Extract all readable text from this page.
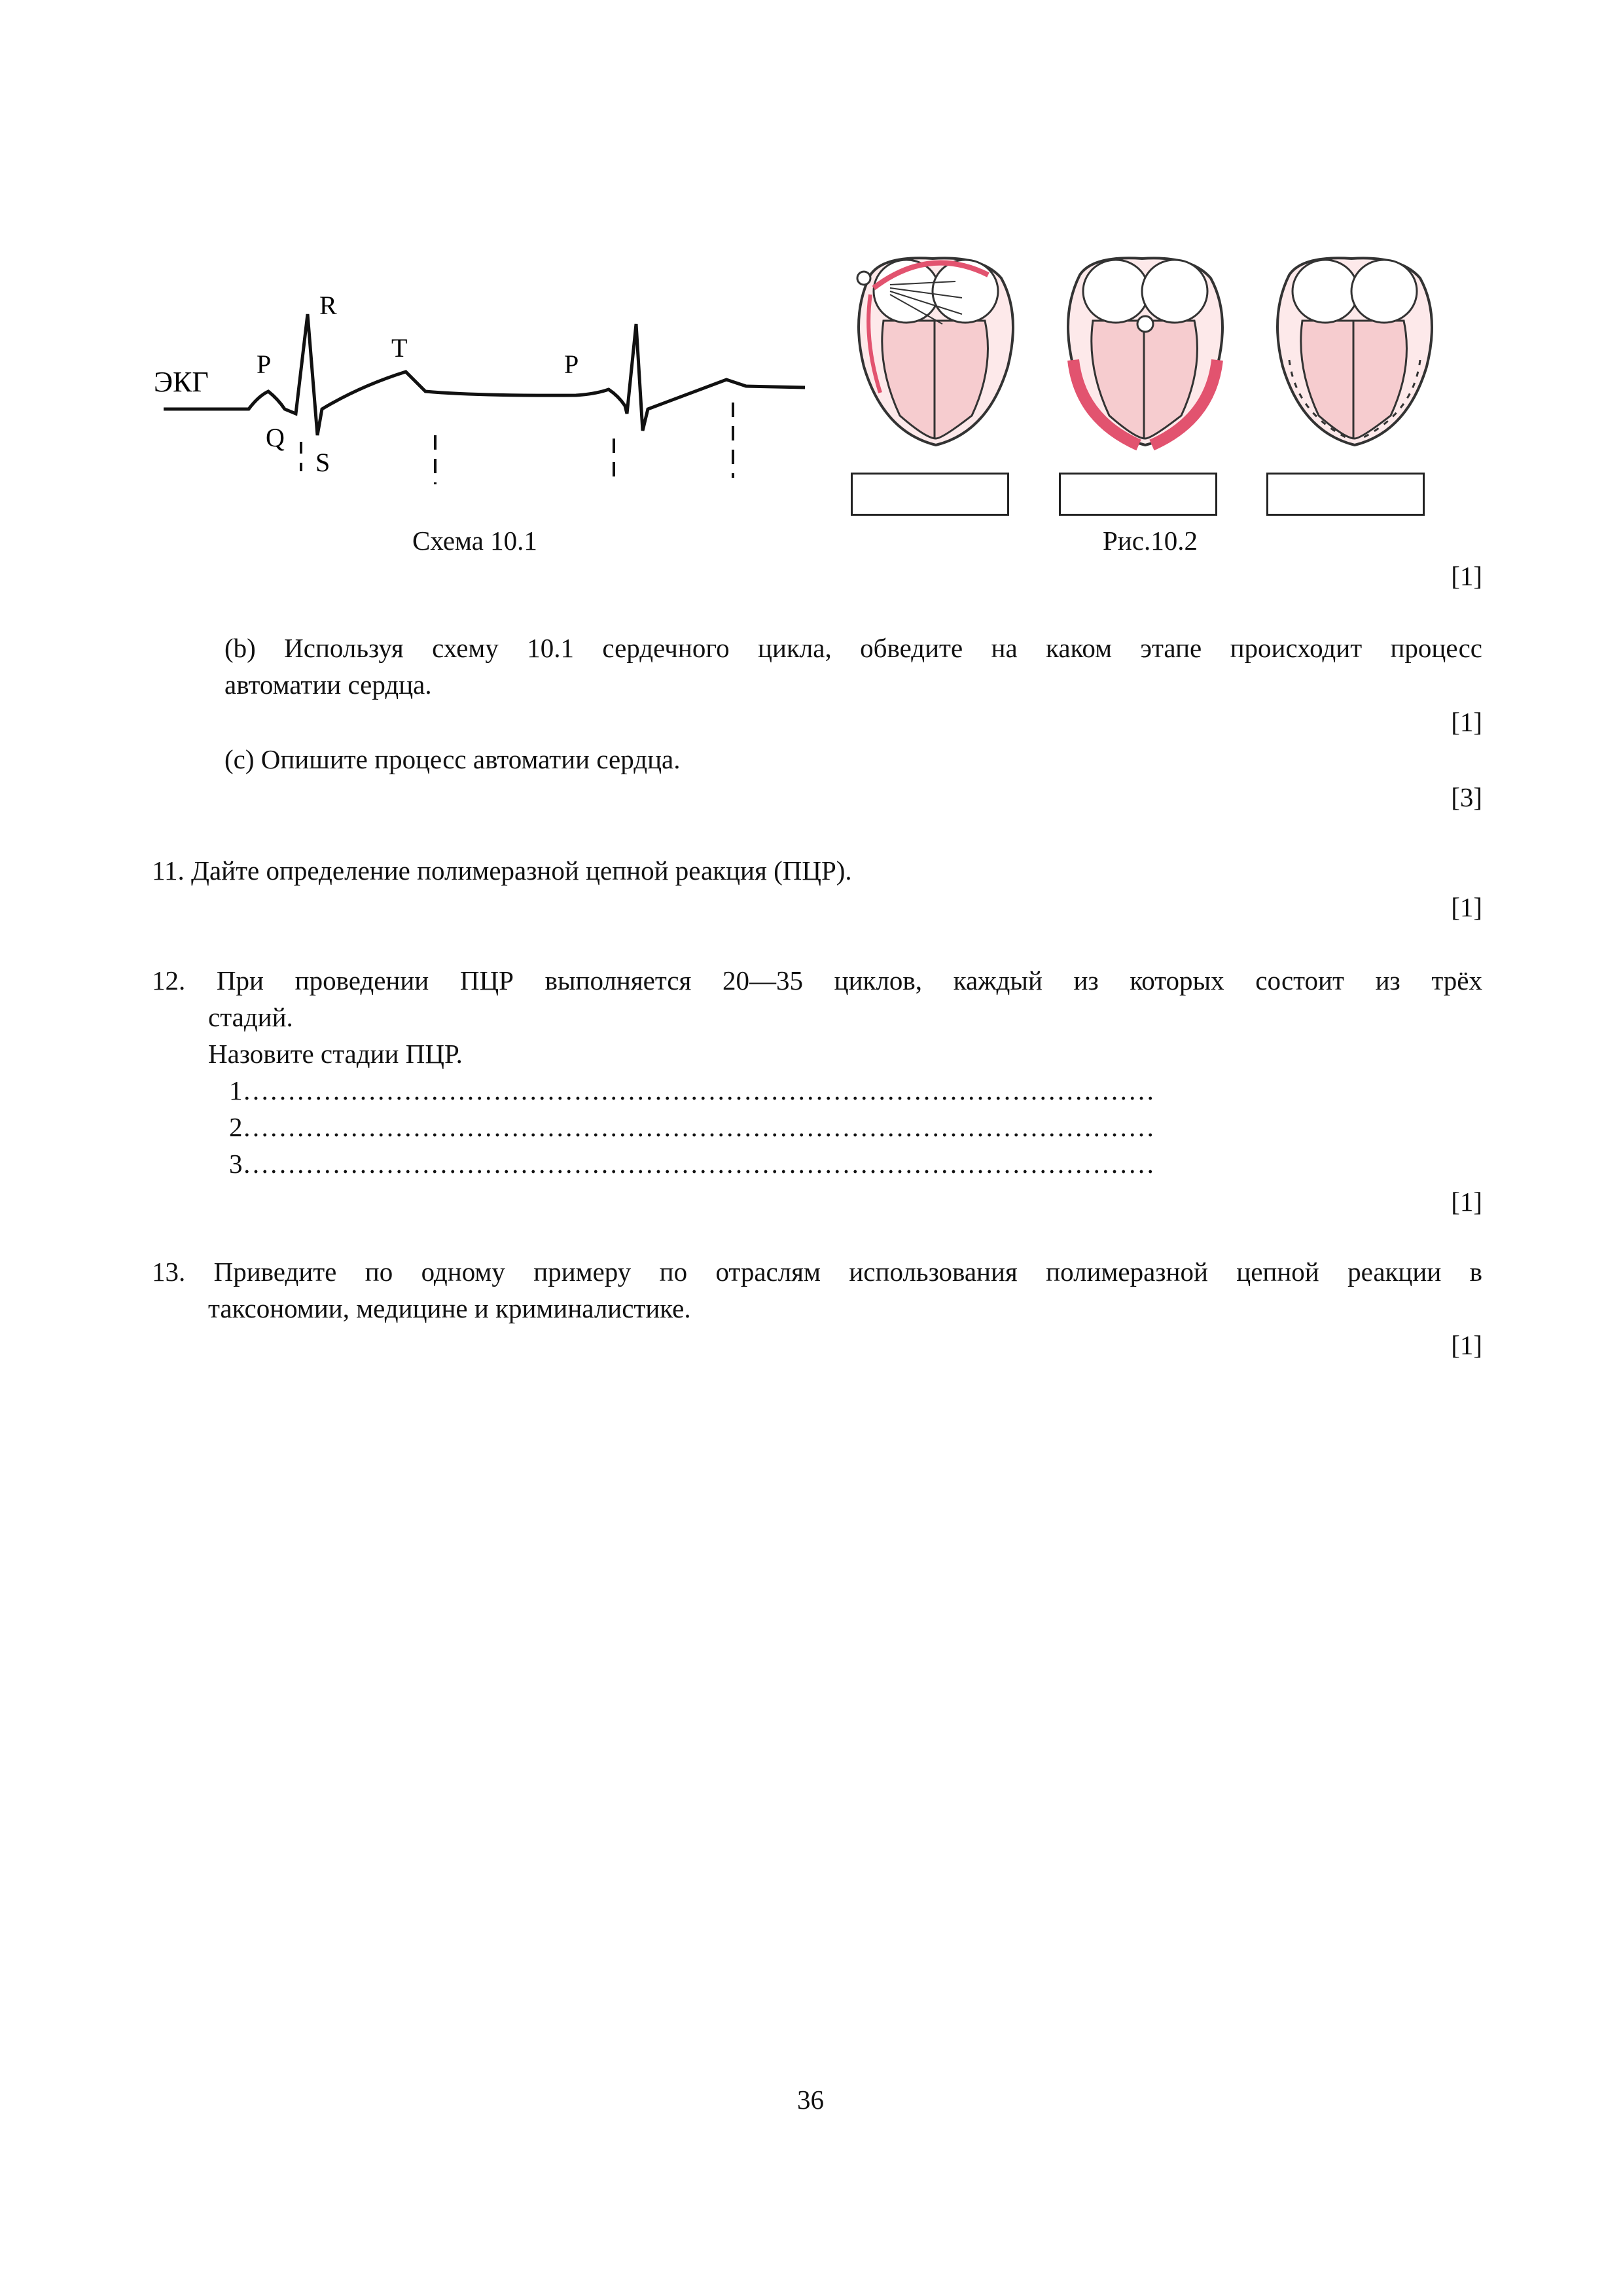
ЭКГ
P
Q
R
S
T
P
Схема 10.1	Рис.10.2
[1]
(b) Используя схему 10.1 сердечного цикла, обведите на каком этапе происходит процесс
автоматии сердца.
[1]
(c) Опишите процесс автоматии сердца.
[3]
11. Дайте определение полимеразной цепной реакция (ПЦР).
[1]
12. При проведении ПЦР выполняется 20—35 циклов, каждый из которых состоит из трёх
стадий.
Назовите стадии ПЦР.
1…………………………………………………………………………………………
2…………………………………………………………………………………………
3…………………………………………………………………………………………
[1]
13. Приведите по одному примеру по отраслям использования полимеразной цепной реакции в
таксономии, медицине и криминалистике.
[1]
36
